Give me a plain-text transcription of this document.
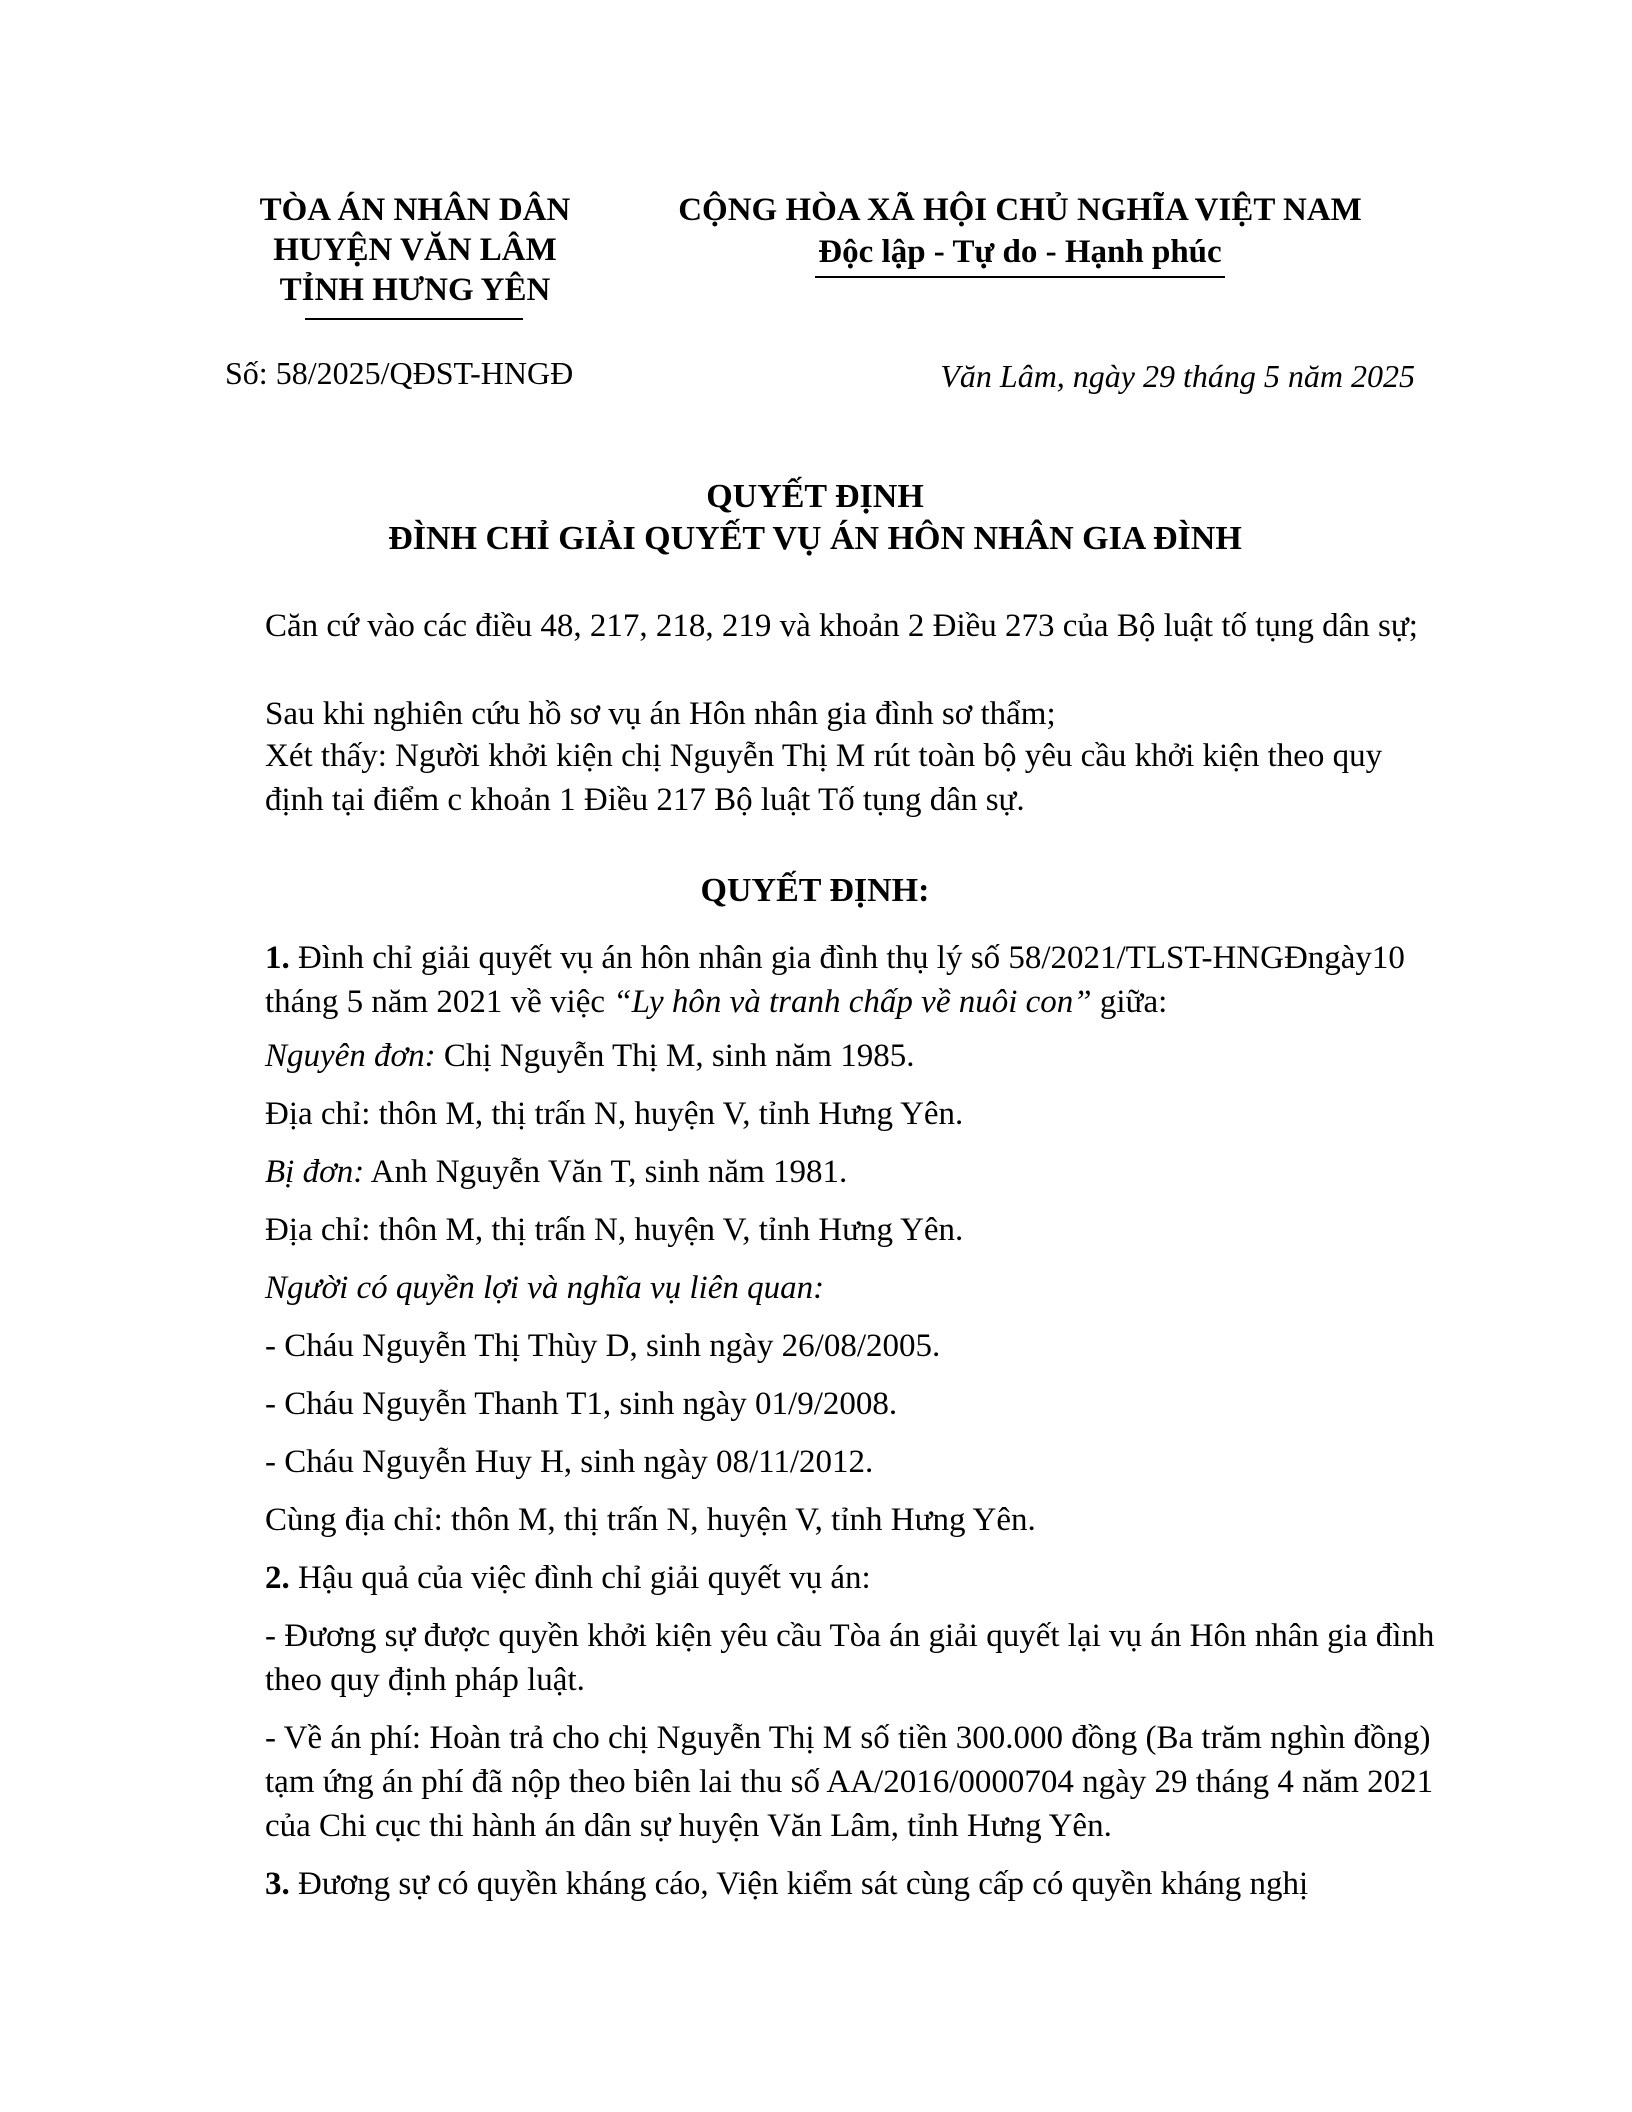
TÒA ÁN NHÂN DÂN
HUYỆN VĂN LÂM
TỈNH HƯNG YÊN
CỘNG HÒA XÃ HỘI CHỦ NGHĨA VIỆT NAM
Độc lập - Tự do - Hạnh phúc
Số: 58/2025/QĐST-HNGĐ	Văn Lâm, ngày 29 tháng 5 năm 2025
QUYẾT ĐỊNH
ĐÌNH CHỈ GIẢI QUYẾT VỤ ÁN HÔN NHÂN GIA ĐÌNH
Căn cứ vào các điều 48, 217, 218, 219 và khoản 2 Điều 273 của Bộ luật tố tụng dân sự;
Sau khi nghiên cứu hồ sơ vụ án Hôn nhân gia đình sơ thẩm;
Xét thấy: Người khởi kiện chị Nguyễn Thị M rút toàn bộ yêu cầu khởi kiện theo quy định tại điểm c khoản 1 Điều 217 Bộ luật Tố tụng dân sự.
QUYẾT ĐỊNH:
1. Đình chỉ giải quyết vụ án hôn nhân gia đình thụ lý số 58/2021/TLST-HNGĐngày10 tháng 5 năm 2021 về việc “Ly hôn và tranh chấp về nuôi con” giữa:
Nguyên đơn: Chị Nguyễn Thị M, sinh năm 1985.
Địa chỉ: thôn M, thị trấn N, huyện V, tỉnh Hưng Yên.
Bị đơn: Anh Nguyễn Văn T, sinh năm 1981.
Địa chỉ: thôn M, thị trấn N, huyện V, tỉnh Hưng Yên.
Người có quyền lợi và nghĩa vụ liên quan:
- Cháu Nguyễn Thị Thùy D, sinh ngày 26/08/2005.
- Cháu Nguyễn Thanh T1, sinh ngày 01/9/2008.
- Cháu Nguyễn Huy H, sinh ngày 08/11/2012.
Cùng địa chỉ: thôn M, thị trấn N, huyện V, tỉnh Hưng Yên.
2. Hậu quả của việc đình chỉ giải quyết vụ án:
- Đương sự được quyền khởi kiện yêu cầu Tòa án giải quyết lại vụ án Hôn nhân gia đình theo quy định pháp luật.
- Về án phí: Hoàn trả cho chị Nguyễn Thị M số tiền 300.000 đồng (Ba trăm nghìn đồng) tạm ứng án phí đã nộp theo biên lai thu số AA/2016/0000704 ngày 29 tháng 4 năm 2021 của Chi cục thi hành án dân sự huyện Văn Lâm, tỉnh Hưng Yên.
3. Đương sự có quyền kháng cáo, Viện kiểm sát cùng cấp có quyền kháng nghị
